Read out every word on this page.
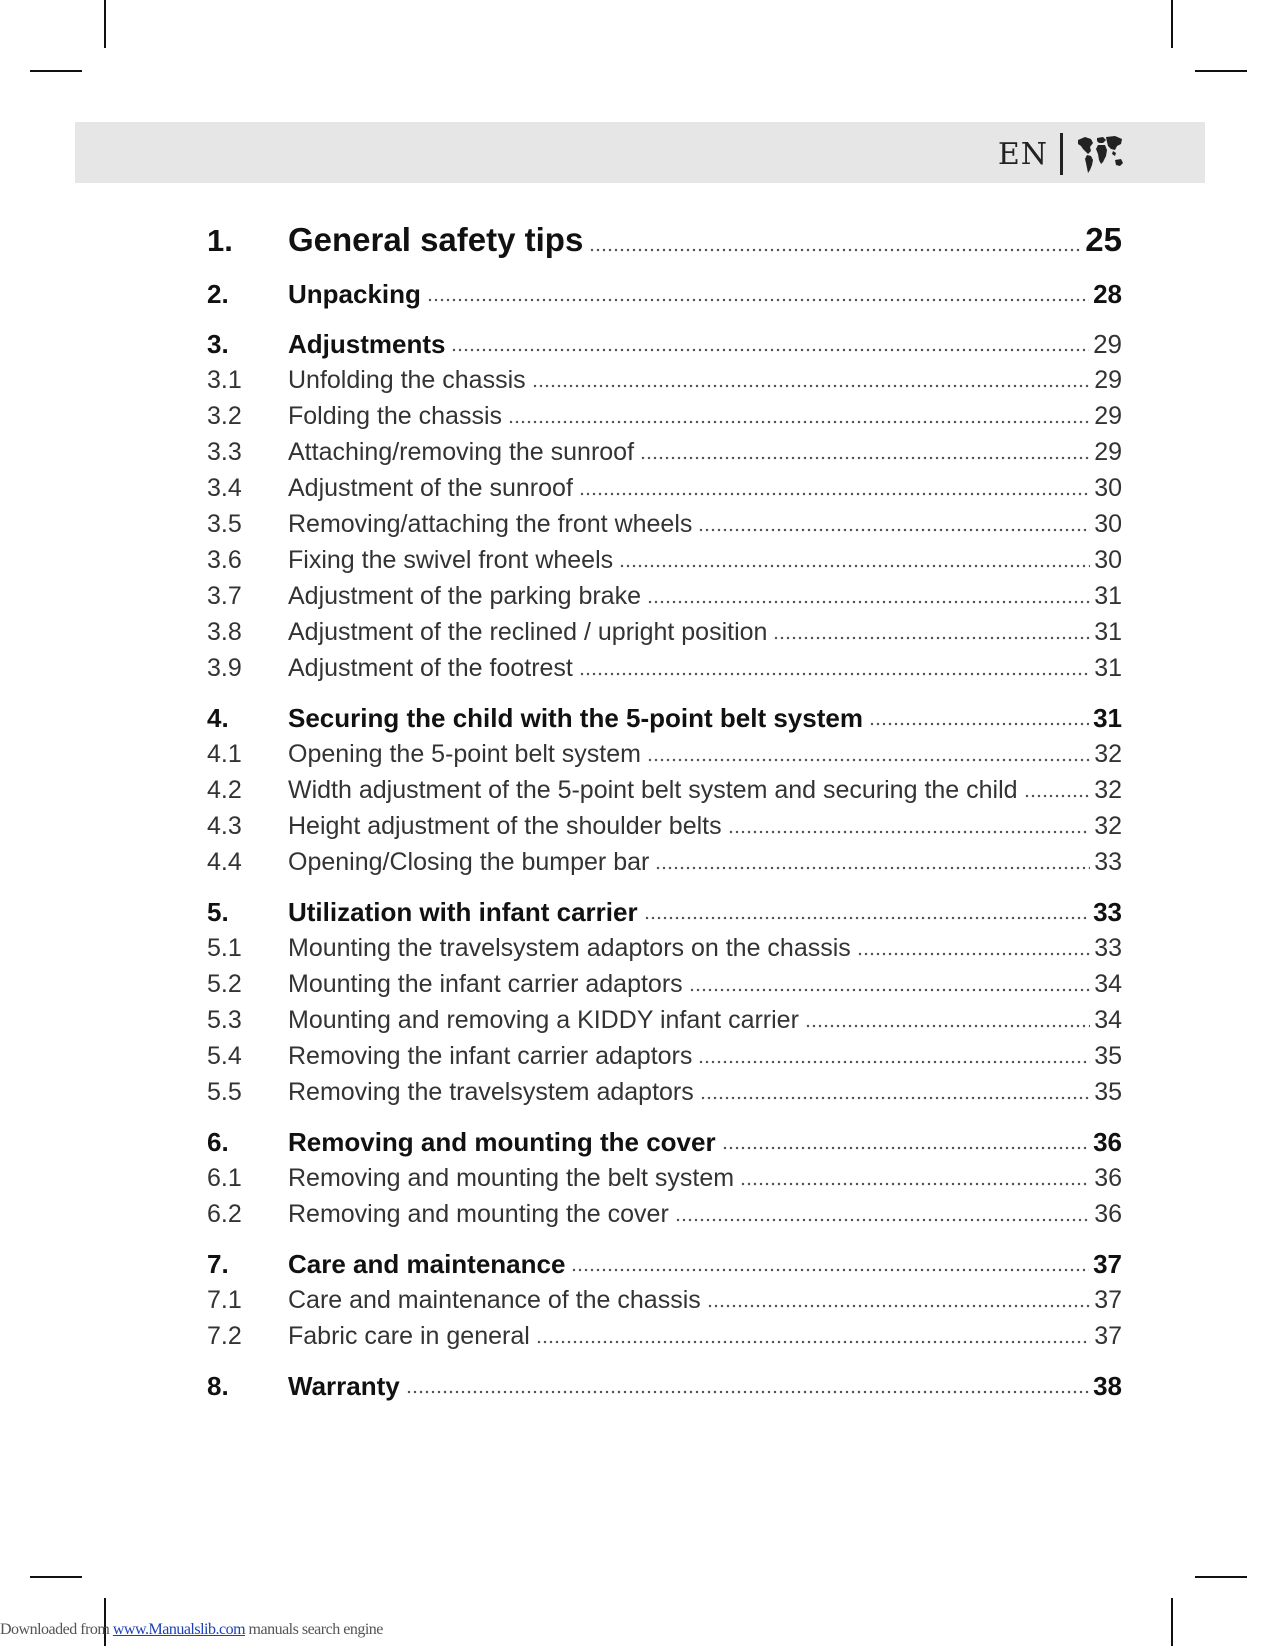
EN
1.	General safety tips	25
2.	Unpacking	28
3.	Adjustments	29
3.1	Unfolding the chassis	29
3.2	Folding the chassis	29
3.3	Attaching/removing the sunroof	29
3.4	Adjustment of the sunroof	30
3.5	Removing/attaching the front wheels	30
3.6	Fixing the swivel front wheels	30
3.7	Adjustment of the parking brake	31
3.8	Adjustment of the reclined / upright position	31
3.9	Adjustment of the footrest	31
4.	Securing the child with the 5-point belt system	31
4.1	Opening the 5-point belt system	32
4.2	Width adjustment of the 5-point belt system and securing the child	32
4.3	Height adjustment of the shoulder belts	32
4.4	Opening/Closing the bumper bar	33
5.	Utilization with infant carrier	33
5.1	Mounting the travelsystem adaptors on the chassis	33
5.2	Mounting the infant carrier adaptors	34
5.3	Mounting and removing a KIDDY infant carrier	34
5.4	Removing the infant carrier adaptors	35
5.5	Removing the travelsystem adaptors	35
6.	Removing and mounting the cover	36
6.1	Removing and mounting the belt system	36
6.2	Removing and mounting the cover	36
7.	Care and maintenance	37
7.1	Care and maintenance of the chassis	37
7.2	Fabric care in general	37
8.	Warranty	38
Downloaded from www.Manualslib.com manuals search engine
